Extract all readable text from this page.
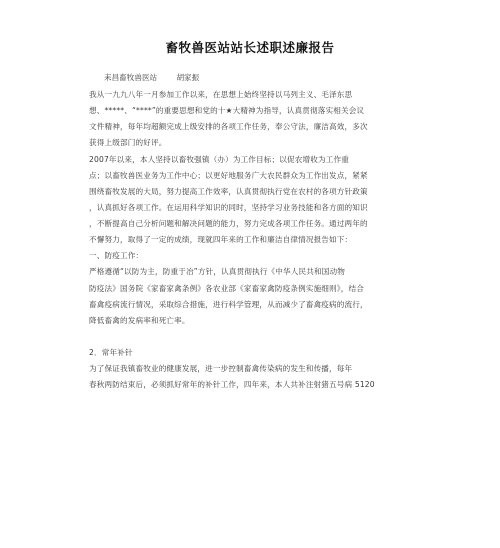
畜牧兽医站站长述职述廉报告
耒昌畜牧兽医站        胡家振
我从一九九八年一月参加工作以来，在思想上始终坚持以马列主义、毛泽东思
想、*****、“****”的重要思想和党的十★大精神为指导，认真贯彻落实相关会议
文件精神，每年均超额完成上级安排的各项工作任务，奉公守法，廉洁高效，多次
获得上级部门的好评。
2007年以来，本人坚持以畜牧强镇（办）为工作目标；以促农增收为工作重
点；以畜牧兽医业务为工作中心；以更好地服务广大农民群众为工作出发点，紧紧
围绕畜牧发展的大局，努力提高工作效率，认真贯彻执行党在农村的各项方针政策
，认真抓好各项工作。在运用科学知识的同时，坚持学习业务技能和各方面的知识
，不断提高自己分析问题和解决问题的能力，努力完成各项工作任务。通过两年的
不懈努力，取得了一定的成绩，现就四年来的工作和廉洁自律情况报告如下：
一、防疫工作：
严格遵循“以防为主，防重于冶”方针，认真贯彻执行《中华人民共和国动物
防疫法》国务院《家畜家禽条例》各农业部《家畜家禽防疫条例实施细则》，结合
畜禽疫病流行情况，采取综合措施，进行科学管理，从而减少了畜禽疫病的流行，
降低畜禽的发病率和死亡率。
2．常年补针
为了保证我镇畜牧业的健康发展，进一步控制畜禽传染病的发生和传播，每年
春秋两防结束后，必须抓好常年的补针工作，四年来，本人共补注射猪五号病 5120
